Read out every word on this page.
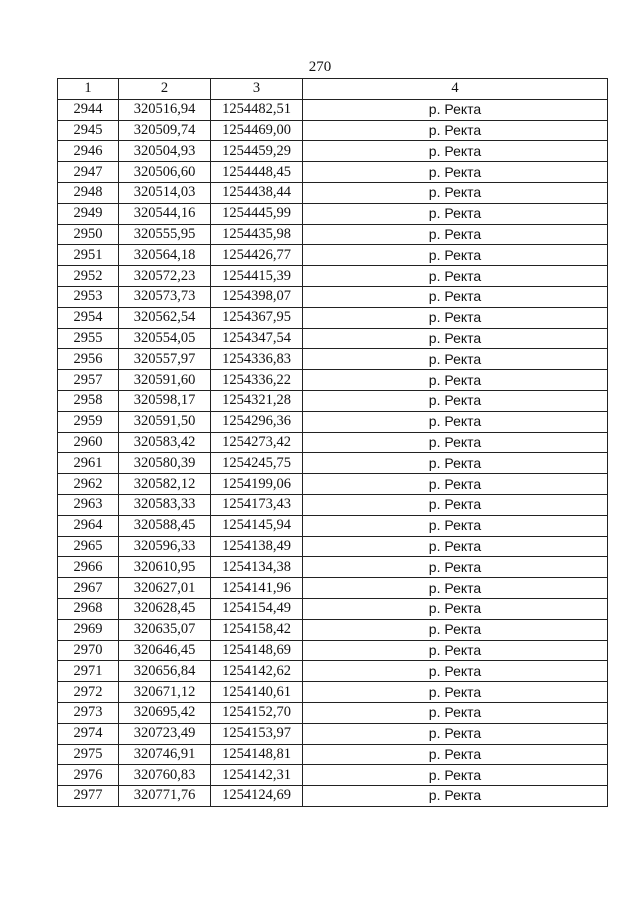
270
1	2	3	4
2944	320516,94	1254482,51	р. Ректа
2945	320509,74	1254469,00	р. Ректа
2946	320504,93	1254459,29	р. Ректа
2947	320506,60	1254448,45	р. Ректа
2948	320514,03	1254438,44	р. Ректа
2949	320544,16	1254445,99	р. Ректа
2950	320555,95	1254435,98	р. Ректа
2951	320564,18	1254426,77	р. Ректа
2952	320572,23	1254415,39	р. Ректа
2953	320573,73	1254398,07	р. Ректа
2954	320562,54	1254367,95	р. Ректа
2955	320554,05	1254347,54	р. Ректа
2956	320557,97	1254336,83	р. Ректа
2957	320591,60	1254336,22	р. Ректа
2958	320598,17	1254321,28	р. Ректа
2959	320591,50	1254296,36	р. Ректа
2960	320583,42	1254273,42	р. Ректа
2961	320580,39	1254245,75	р. Ректа
2962	320582,12	1254199,06	р. Ректа
2963	320583,33	1254173,43	р. Ректа
2964	320588,45	1254145,94	р. Ректа
2965	320596,33	1254138,49	р. Ректа
2966	320610,95	1254134,38	р. Ректа
2967	320627,01	1254141,96	р. Ректа
2968	320628,45	1254154,49	р. Ректа
2969	320635,07	1254158,42	р. Ректа
2970	320646,45	1254148,69	р. Ректа
2971	320656,84	1254142,62	р. Ректа
2972	320671,12	1254140,61	р. Ректа
2973	320695,42	1254152,70	р. Ректа
2974	320723,49	1254153,97	р. Ректа
2975	320746,91	1254148,81	р. Ректа
2976	320760,83	1254142,31	р. Ректа
2977	320771,76	1254124,69	р. Ректа
